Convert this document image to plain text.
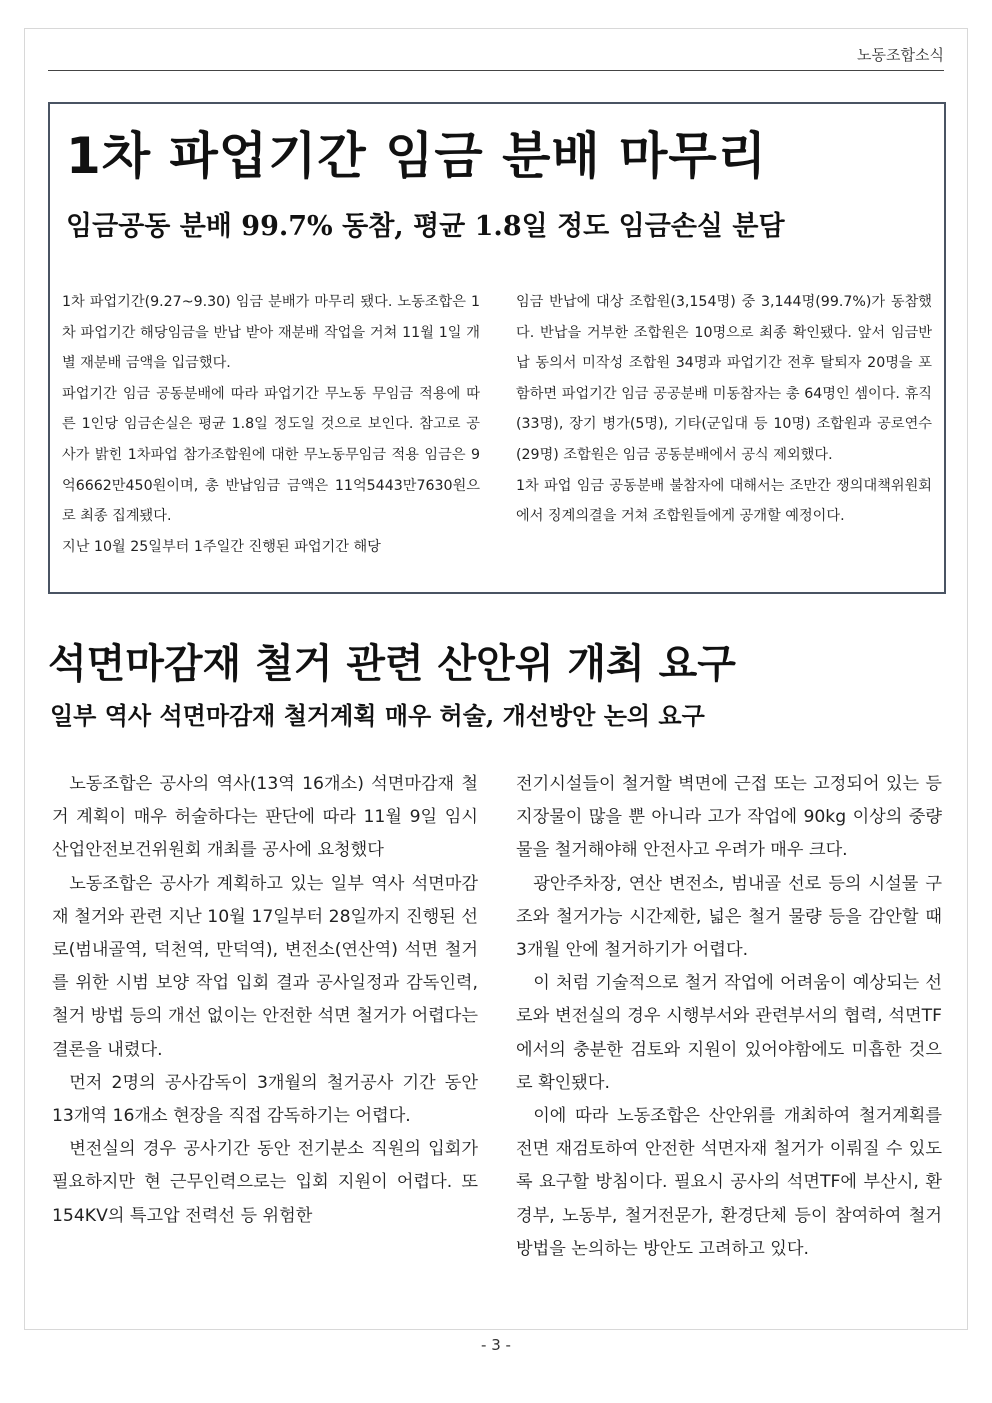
노동조합소식
1차 파업기간 임금 분배 마무리
임금공동 분배 99.7% 동참, 평균 1.8일 정도 임금손실 분담

1차 파업기간(9.27~9.30) 임금 분배가 마무리 됐다. 노동조합은 1차 파업기간 해당임금을 반납 받아 재분배 작업을 거쳐 11월 1일 개별 재분배 금액을 입금했다.

파업기간 임금 공동분배에 따라 파업기간 무노동 무임금 적용에 따른 1인당 임금손실은 평균 1.8일 정도일 것으로 보인다. 참고로 공사가 밝힌 1차파업 참가조합원에 대한 무노동무임금 적용 임금은 9억6662만450원이며, 총 반납임금 금액은 11억5443만7630원으로 최종 집계됐다.

지난 10월 25일부터 1주일간 진행된 파업기간 해당

임금 반납에 대상 조합원(3,154명) 중 3,144명(99.7%)가 동참했다. 반납을 거부한 조합원은 10명으로 최종 확인됐다. 앞서 임금반납 동의서 미작성 조합원 34명과 파업기간 전후 탈퇴자 20명을 포함하면 파업기간 임금 공공분배 미동참자는 총 64명인 셈이다. 휴직(33명), 장기 병가(5명), 기타(군입대 등 10명) 조합원과 공로연수(29명) 조합원은 임금 공동분배에서 공식 제외했다.

1차 파업 임금 공동분배 불참자에 대해서는 조만간 쟁의대책위원회에서 징계의결을 거쳐 조합원들에게 공개할 예정이다.

석면마감재 철거 관련 산안위 개최 요구
일부 역사 석면마감재 철거계획 매우 허술, 개선방안 논의 요구

노동조합은 공사의 역사(13역 16개소) 석면마감재 철거 계획이 매우 허술하다는 판단에 따라 11월 9일 임시 산업안전보건위원회 개최를 공사에 요청했다

노동조합은 공사가 계획하고 있는 일부 역사 석면마감재 철거와 관련 지난 10월 17일부터 28일까지 진행된 선로(범내골역, 덕천역, 만덕역), 변전소(연산역) 석면 철거를 위한 시범 보양 작업 입회 결과 공사일정과 감독인력, 철거 방법 등의 개선 없이는 안전한 석면 철거가 어렵다는 결론을 내렸다.

먼저 2명의 공사감독이 3개월의 철거공사 기간 동안 13개역 16개소 현장을 직접 감독하기는 어렵다.

변전실의 경우 공사기간 동안 전기분소 직원의 입회가 필요하지만 현 근무인력으로는 입회 지원이 어렵다. 또 154KV의 특고압 전력선 등 위험한

전기시설들이 철거할 벽면에 근접 또는 고정되어 있는 등 지장물이 많을 뿐 아니라 고가 작업에 90kg 이상의 중량물을 철거해야해 안전사고 우려가 매우 크다.

광안주차장, 연산 변전소, 범내골 선로 등의 시설물 구조와 철거가능 시간제한, 넓은 철거 물량 등을 감안할 때 3개월 안에 철거하기가 어렵다.

이 처럼 기술적으로 철거 작업에 어려움이 예상되는 선로와 변전실의 경우 시행부서와 관련부서의 협력, 석면TF에서의 충분한 검토와 지원이 있어야함에도 미흡한 것으로 확인됐다.

이에 따라 노동조합은 산안위를 개최하여 철거계획를 전면 재검토하여 안전한 석면자재 철거가 이뤄질 수 있도록 요구할 방침이다. 필요시 공사의 석면TF에 부산시, 환경부, 노동부, 철거전문가, 환경단체 등이 참여하여 철거 방법을 논의하는 방안도 고려하고 있다.

- 3 -
